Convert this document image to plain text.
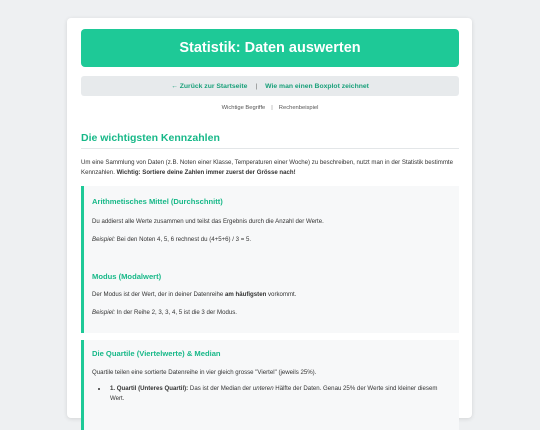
Statistik: Daten auswerten
← Zurück zur Startseite | Wie man einen Boxplot zeichnet
Wichtige Begriffe | Rechenbeispiel
Die wichtigsten Kennzahlen

Um eine Sammlung von Daten (z.B. Noten einer Klasse, Temperaturen einer Woche) zu beschreiben, nutzt man in der Statistik bestimmte Kennzahlen. Wichtig: Sortiere deine Zahlen immer zuerst der Grösse nach!

Arithmetisches Mittel (Durchschnitt)

Du addierst alle Werte zusammen und teilst das Ergebnis durch die Anzahl der Werte.

Beispiel: Bei den Noten 4, 5, 6 rechnest du (4+5+6) / 3 = 5.

Modus (Modalwert)

Der Modus ist der Wert, der in deiner Datenreihe am häufigsten vorkommt.

Beispiel: In der Reihe 2, 3, 3, 4, 5 ist die 3 der Modus.

Die Quartile (Viertelwerte) & Median

Quartile teilen eine sortierte Datenreihe in vier gleich grosse "Viertel" (jeweils 25%).

• 1. Quartil (Unteres Quartil): Das ist der Median der unteren Hälfte der Daten. Genau 25% der Werte sind kleiner diesem Wert.
